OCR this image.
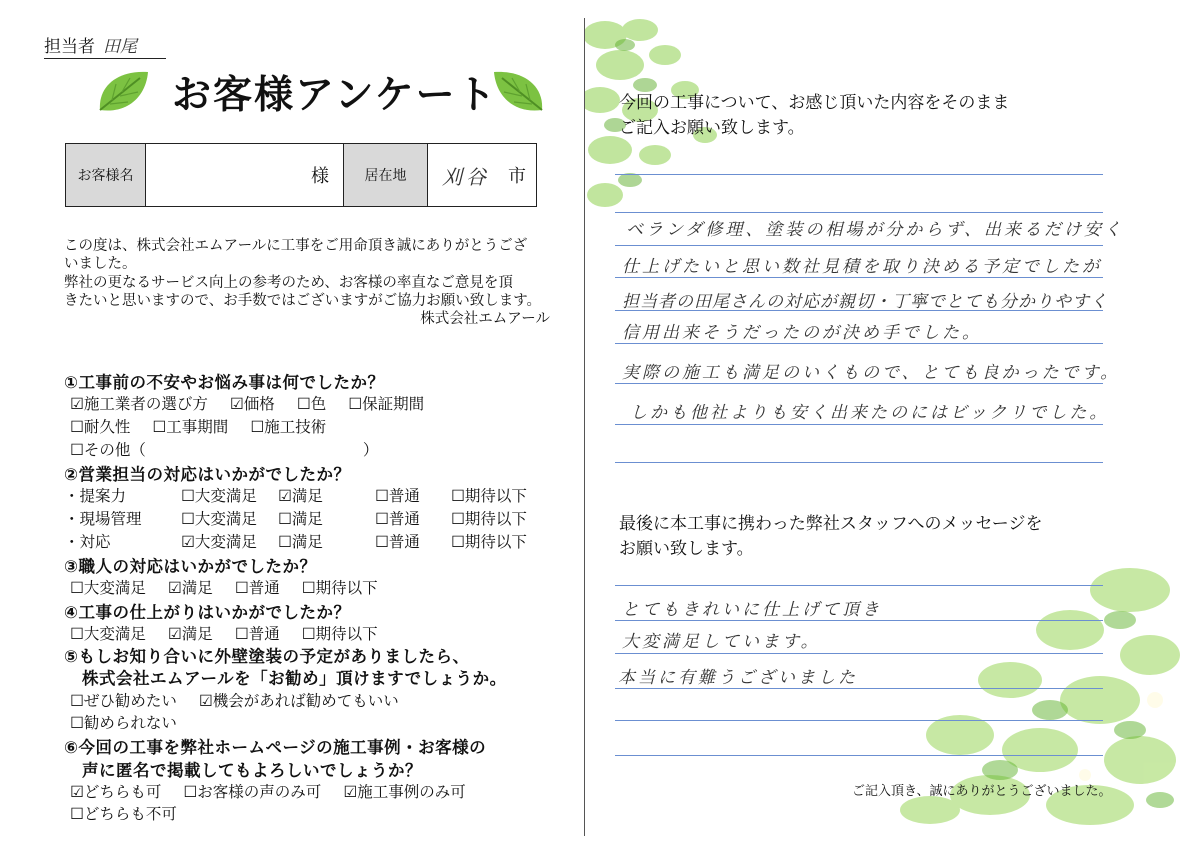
担当者 田尾
お客様アンケート
お客様名	様	居在地	刈谷 市
この度は、株式会社エムアールに工事をご用命頂き誠にありがとうござ
いました。
弊社の更なるサービス向上の参考のため、お客様の率直なご意見を頂
きたいと思いますので、お手数ではございますがご協力お願い致します。
株式会社エムアール
①工事前の不安やお悩み事は何でしたか？
☑施工業者の選び方 ☑価格 ☐色 ☐保証期間
☐耐久性 ☐工事期間 ☐施工技術
☐その他（　　　　　　　　　　　　　　）
②営業担当の対応はいかがでしたか？
・提案力	☐大変満足	☑満足	☐普通	☐期待以下
・現場管理	☐大変満足	☐満足	☐普通	☐期待以下
・対応	☑大変満足	☐満足	☐普通	☐期待以下
③職人の対応はいかがでしたか？
☐大変満足 ☑満足 ☐普通 ☐期待以下
④工事の仕上がりはいかがでしたか？
☐大変満足 ☑満足 ☐普通 ☐期待以下
⑤もしお知り合いに外壁塗装の予定がありましたら、
株式会社エムアールを「お勧め」頂けますでしょうか。
☐ぜひ勧めたい ☑機会があれば勧めてもいい
☐勧められない
⑥今回の工事を弊社ホームページの施工事例・お客様の
声に匿名で掲載してもよろしいでしょうか？
☑どちらも可 ☐お客様の声のみ可 ☑施工事例のみ可
☐どちらも不可
今回の工事について、お感じ頂いた内容をそのまま
ご記入お願い致します。
ベランダ修理、塗装の相場が分からず、出来るだけ安く
仕上げたいと思い数社見積を取り決める予定でしたが
担当者の田尾さんの対応が親切・丁寧でとても分かりやすく
信用出来そうだったのが決め手でした。
実際の施工も満足のいくもので、とても良かったです。
しかも他社よりも安く出来たのにはビックリでした。
最後に本工事に携わった弊社スタッフへのメッセージを
お願い致します。
とてもきれいに仕上げて頂き
大変満足しています。
本当に有難うございました
ご記入頂き、誠にありがとうございました。
